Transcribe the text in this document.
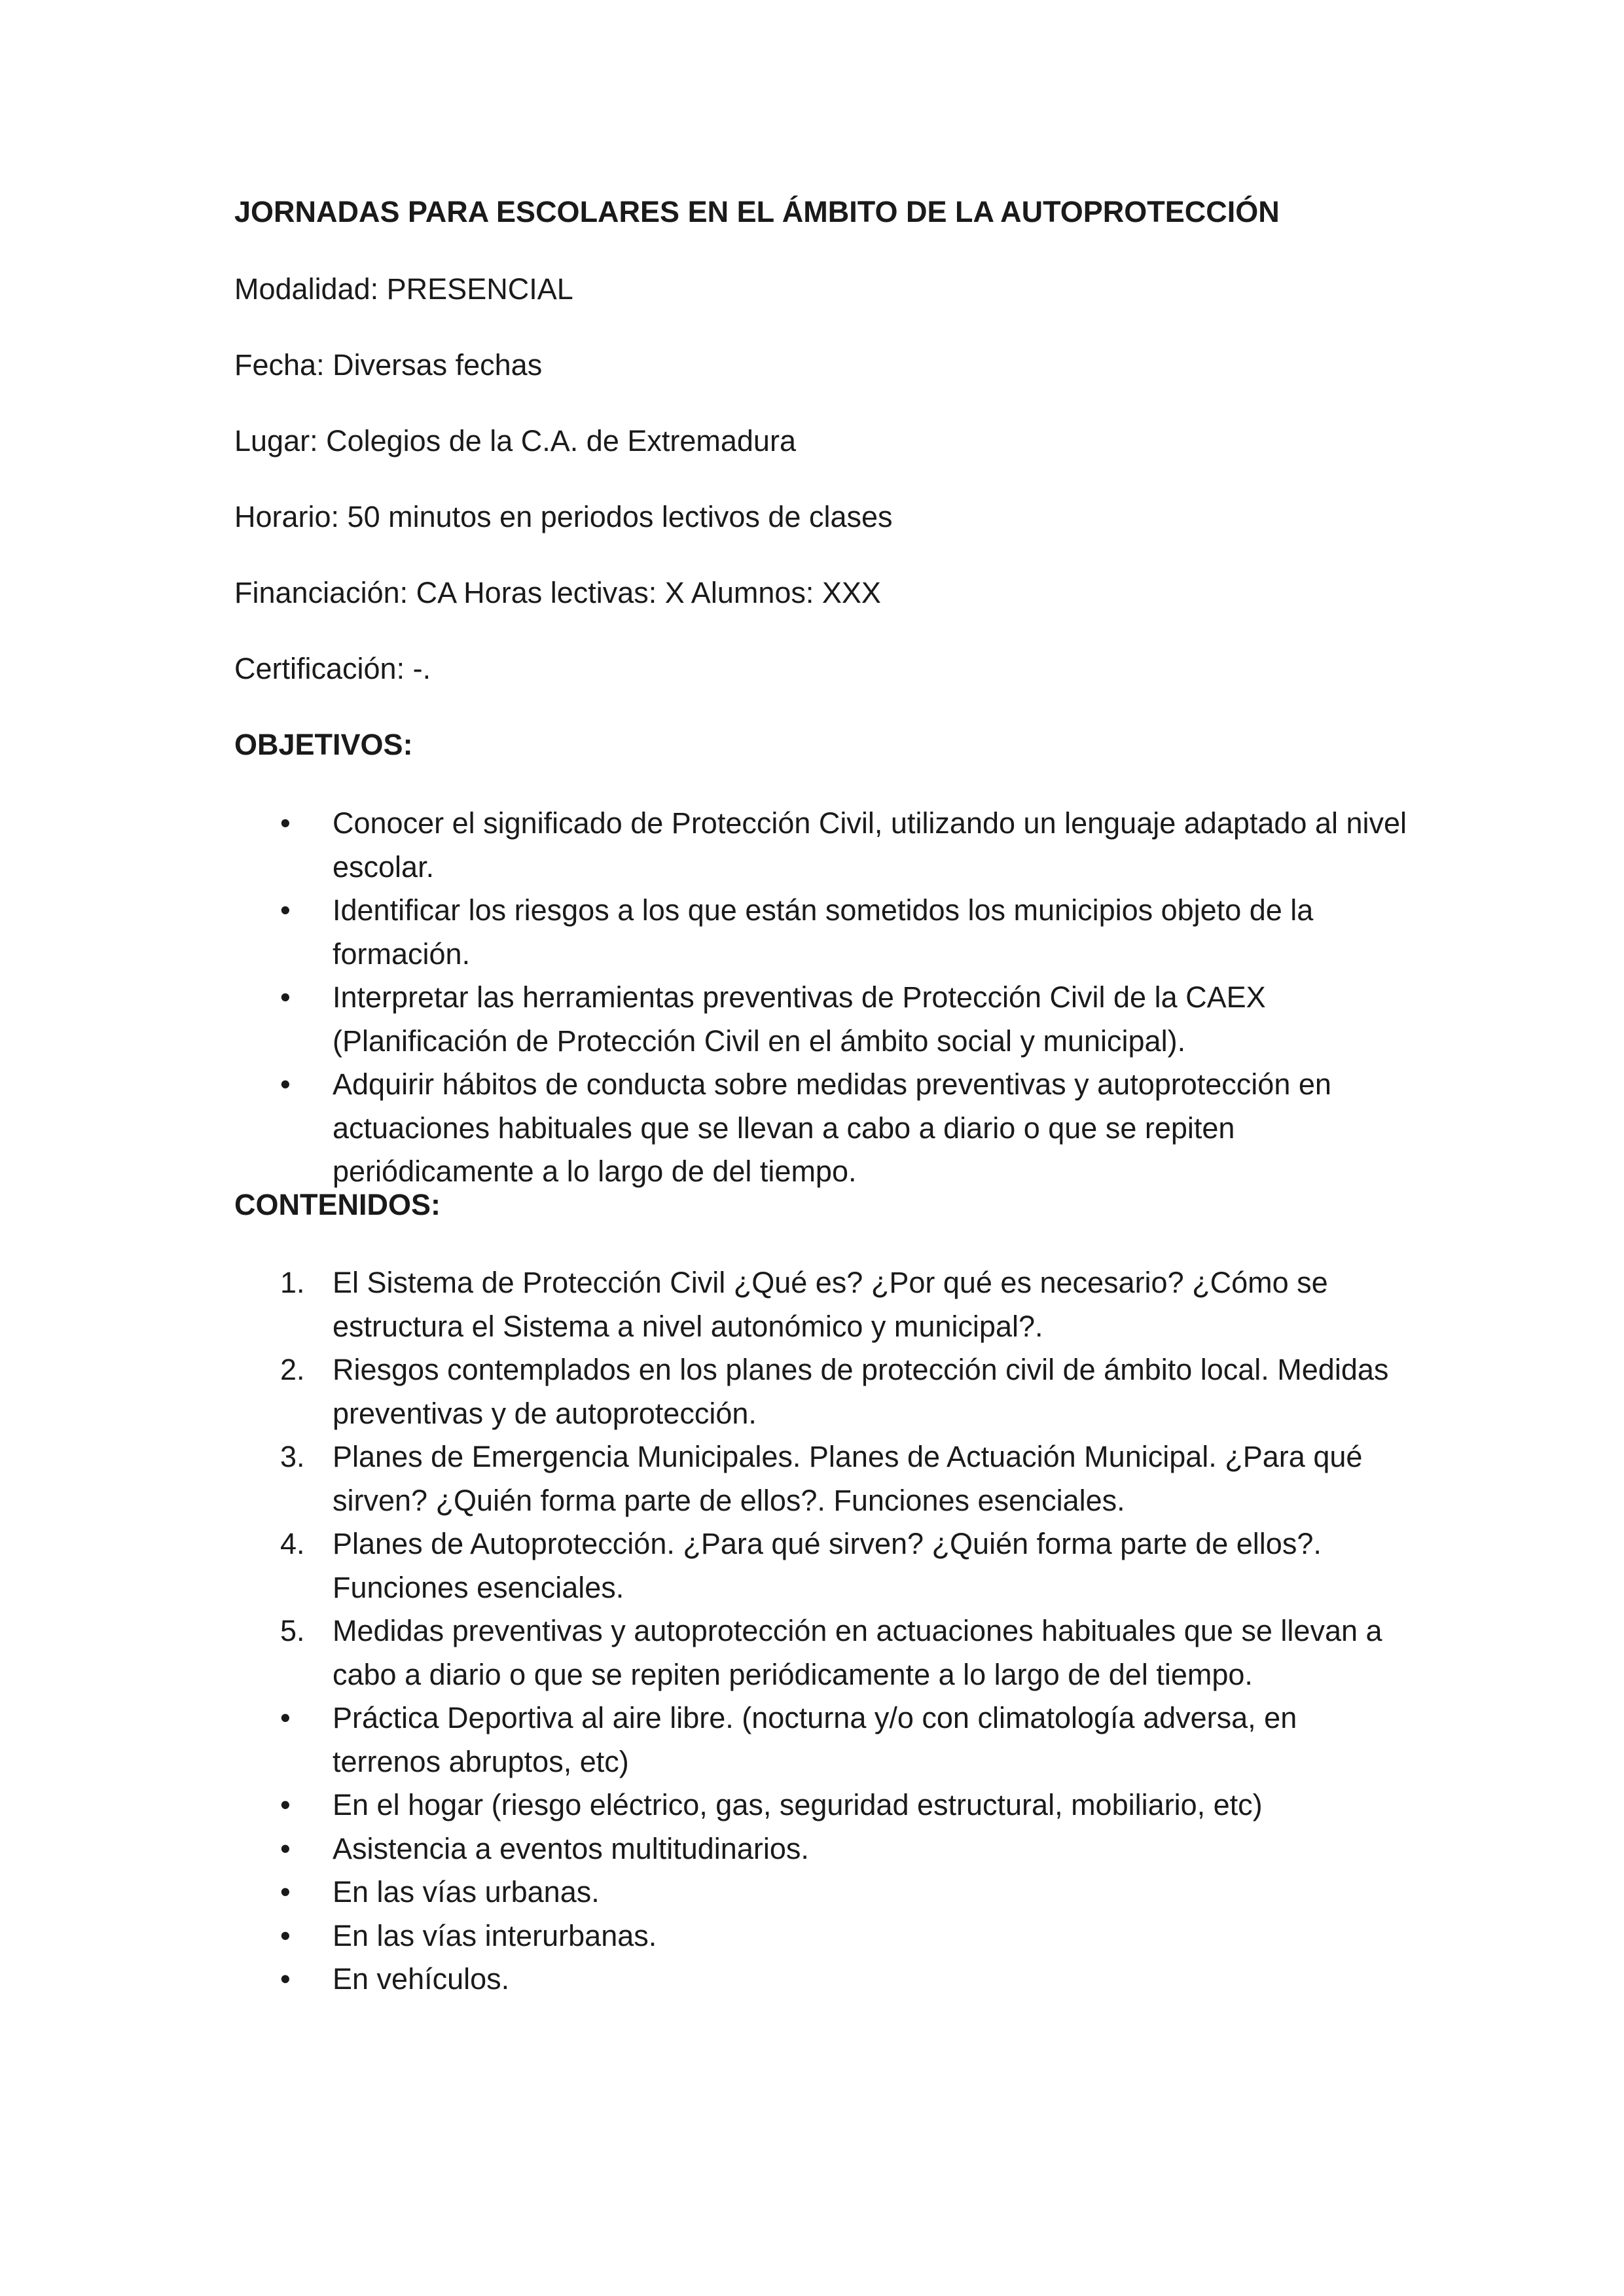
JORNADAS PARA ESCOLARES EN EL ÁMBITO DE LA AUTOPROTECCIÓN
Modalidad: PRESENCIAL
Fecha: Diversas fechas
Lugar: Colegios de la C.A. de Extremadura
Horario: 50 minutos en periodos lectivos de clases
Financiación: CA Horas lectivas: X Alumnos: XXX
Certificación: -.
OBJETIVOS:
• Conocer el significado de Protección Civil, utilizando un lenguaje adaptado al nivel escolar.
• Identificar los riesgos a los que están sometidos los municipios objeto de la formación.
• Interpretar las herramientas preventivas de Protección Civil de la CAEX (Planificación de Protección Civil en el ámbito social y municipal).
• Adquirir hábitos de conducta sobre medidas preventivas y autoprotección en actuaciones habituales que se llevan a cabo a diario o que se repiten periódicamente a lo largo de del tiempo.
CONTENIDOS:
1. El Sistema de Protección Civil ¿Qué es? ¿Por qué es necesario? ¿Cómo se estructura el Sistema a nivel autonómico y municipal?.
2. Riesgos contemplados en los planes de protección civil de ámbito local. Medidas preventivas y de autoprotección.
3. Planes de Emergencia Municipales. Planes de Actuación Municipal. ¿Para qué sirven? ¿Quién forma parte de ellos?. Funciones esenciales.
4. Planes de Autoprotección. ¿Para qué sirven? ¿Quién forma parte de ellos?. Funciones esenciales.
5. Medidas preventivas y autoprotección en actuaciones habituales que se llevan a cabo a diario o que se repiten periódicamente a lo largo de del tiempo.
• Práctica Deportiva al aire libre. (nocturna y/o con climatología adversa, en terrenos abruptos, etc)
• En el hogar (riesgo eléctrico, gas, seguridad estructural, mobiliario, etc)
• Asistencia a eventos multitudinarios.
• En las vías urbanas.
• En las vías interurbanas.
• En vehículos.
